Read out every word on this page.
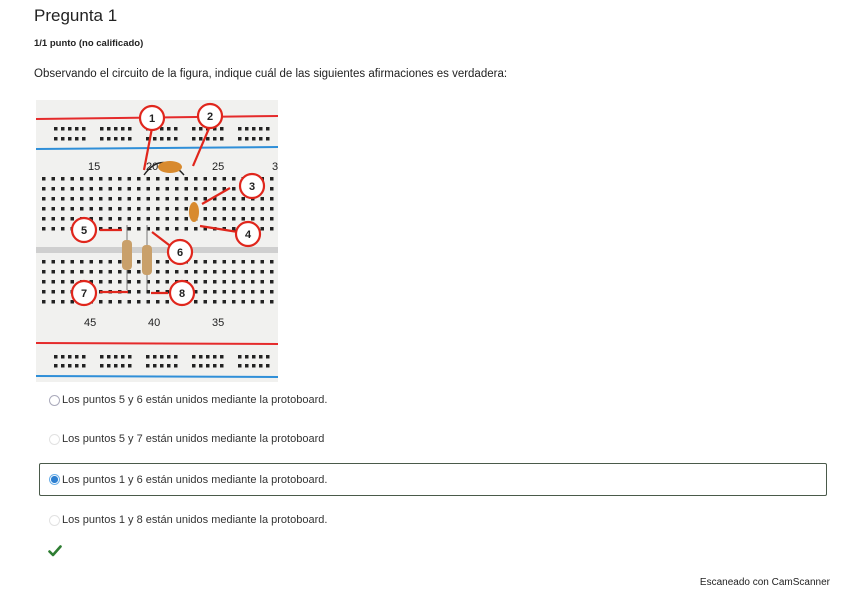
Pregunta 1
1/1 punto (no calificado)
Observando el circuito de la figura, indique cuál de las siguientes afirmaciones es verdadera:
15	20	25	3
45	40	35
1	2
3
4
5
6
7	8
Los puntos 5 y 6 están unidos mediante la protoboard.
Los puntos 5 y 7 están unidos mediante la protoboard
Los puntos 1 y 6 están unidos mediante la protoboard.
Los puntos 1 y 8 están unidos mediante la protoboard.
Escaneado con CamScanner
